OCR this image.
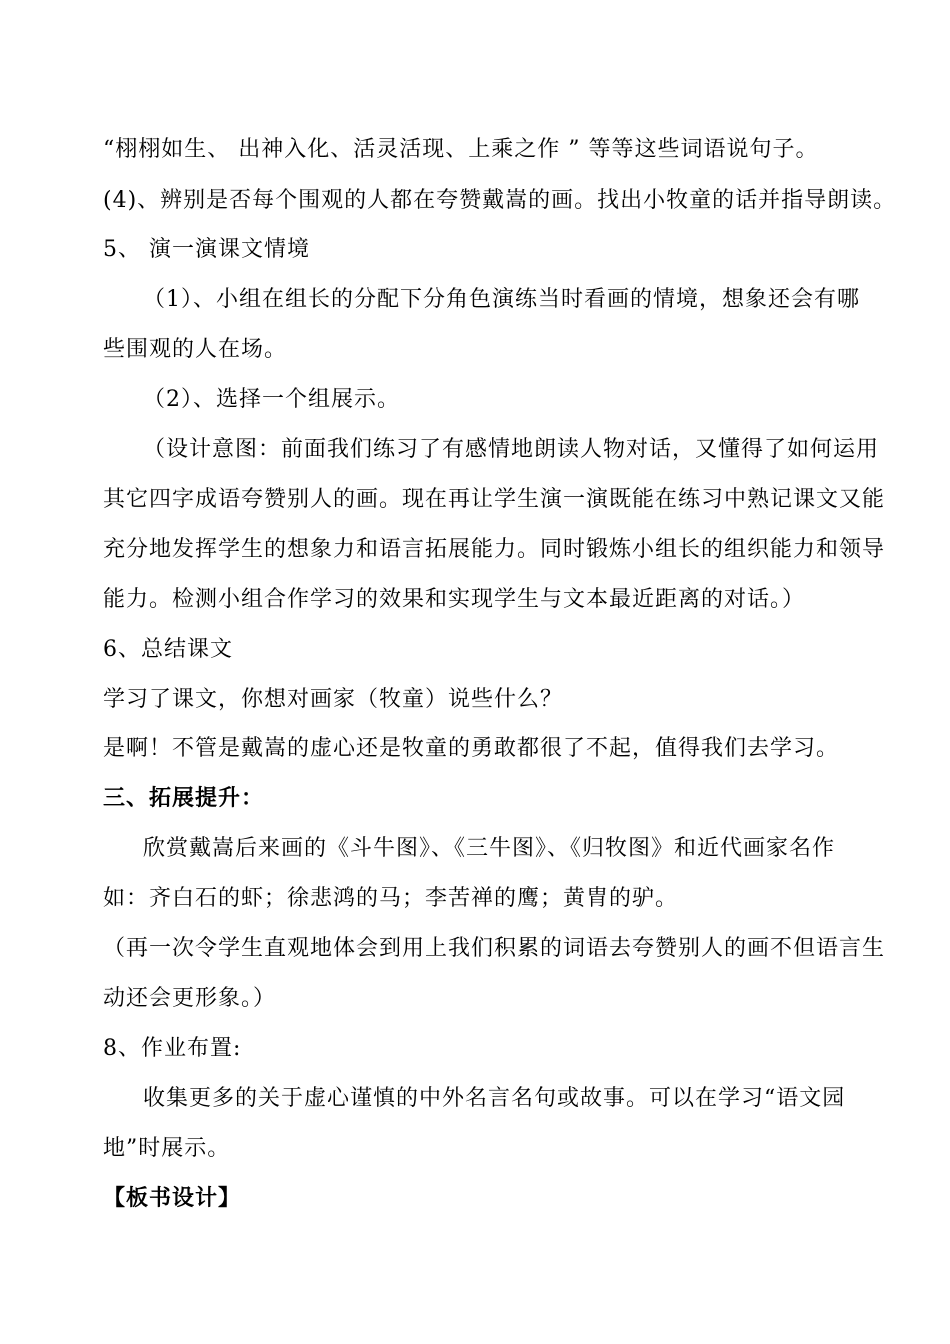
“栩栩如生、 出神入化、活灵活现、上乘之作 ” 等等这些词语说句子。
(4)、辨别是否每个围观的人都在夸赞戴嵩的画。找出小牧童的话并指导朗读。
5、 演一演课文情境
（1）、小组在组长的分配下分角色演练当时看画的情境，想象还会有哪
些围观的人在场。
（2）、选择一个组展示。
（设计意图：前面我们练习了有感情地朗读人物对话，又懂得了如何运用
其它四字成语夸赞别人的画。现在再让学生演一演既能在练习中熟记课文又能
充分地发挥学生的想象力和语言拓展能力。同时锻炼小组长的组织能力和领导
能力。检测小组合作学习的效果和实现学生与文本最近距离的对话。）
6、总结课文
学习了课文，你想对画家（牧童）说些什么？
是啊！不管是戴嵩的虚心还是牧童的勇敢都很了不起，值得我们去学习。
三、拓展提升：
欣赏戴嵩后来画的《斗牛图》、《三牛图》、《归牧图》和近代画家名作
如：齐白石的虾；徐悲鸿的马；李苦禅的鹰；黄胄的驴。
（再一次令学生直观地体会到用上我们积累的词语去夸赞别人的画不但语言生
动还会更形象。）
8、作业布置:
收集更多的关于虚心谨慎的中外名言名句或故事。可以在学习“语文园
地”时展示。
【板书设计】
